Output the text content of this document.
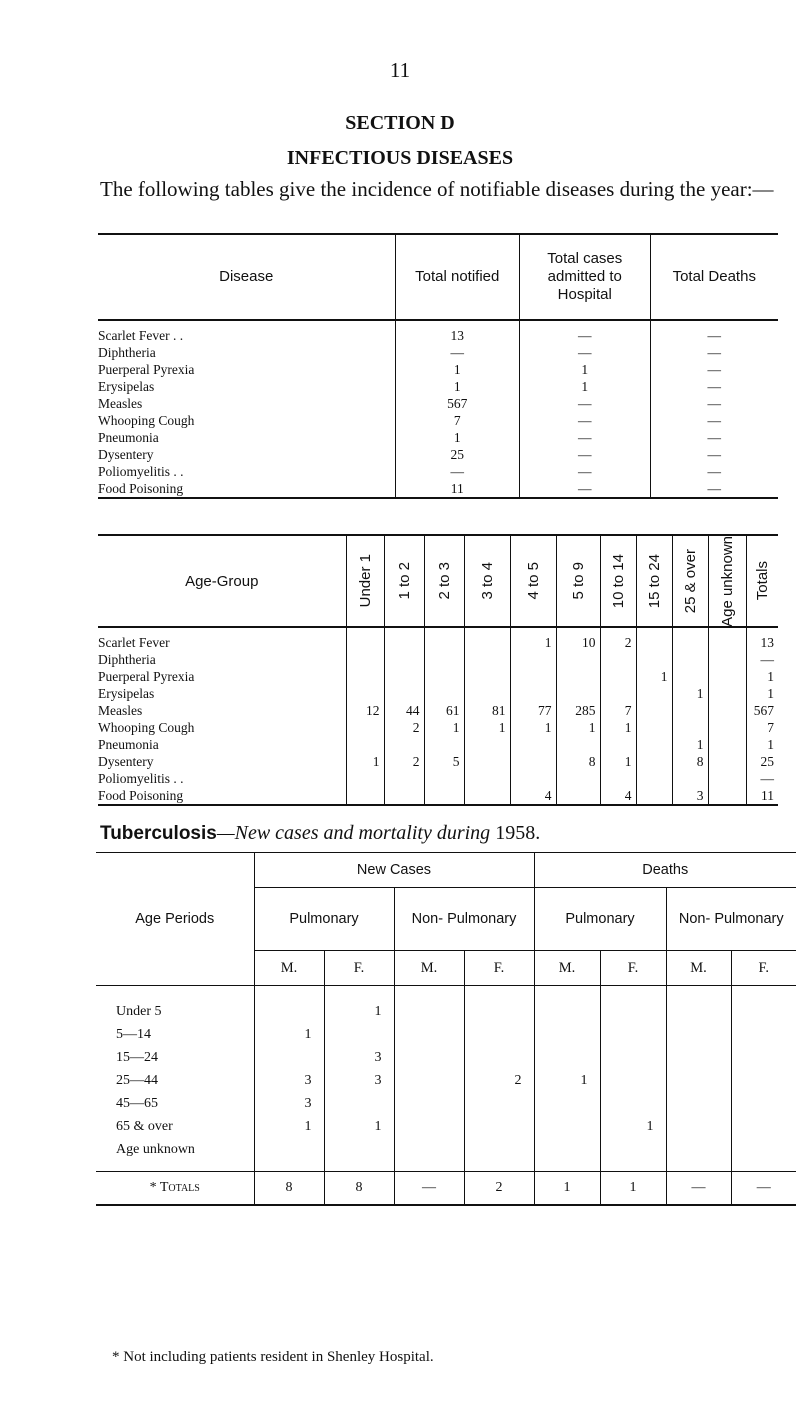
11
SECTION D
INFECTIOUS DISEASES
The following tables give the incidence of notifiable diseases during the year:—
Disease	Total notified	Total cases admitted to Hospital	Total Deaths
Scarlet Fever . .	13	—	—
Diphtheria	—	—	—
Puerperal Pyrexia	1	1	—
Erysipelas	1	1	—
Measles	567	—	—
Whooping Cough	7	—	—
Pneumonia	1	—	—
Dysentery	25	—	—
Poliomyelitis . .	—	—	—
Food Poisoning	11	—	—
Age-Group	Under 1	1 to 2	2 to 3	3 to 4	4 to 5	5 to 9	10 to 14	15 to 24	25 & over	Age unknown	Totals

Scarlet Fever					1	10	2				13
Diphtheria											—
Puerperal Pyrexia								1			1
Erysipelas									1		1
Measles	12	44	61	81	77	285	7				567
Whooping Cough		2	1	1	1	1	1				7
Pneumonia									1		1
Dysentery	1	2	5			8	1		8		25
Poliomyelitis . .											—
Food Poisoning					4		4		3		11
Tuberculosis—New cases and mortality during 1958.
Age Periods	New Cases				Deaths			
	Pulmonary		Non- Pulmonary		Pulmonary		Non- Pulmonary	
	M.	F.	M.	F.	M.	F.	M.	F.
Under 5		1						
5—14	1							
15—24		3						
25—44	3	3		2	1			
45—65	3							
65 & over	1	1				1		
Age unknown								

* Totals	8	8	—	2	1	1	—	—
* Not including patients resident in Shenley Hospital.
